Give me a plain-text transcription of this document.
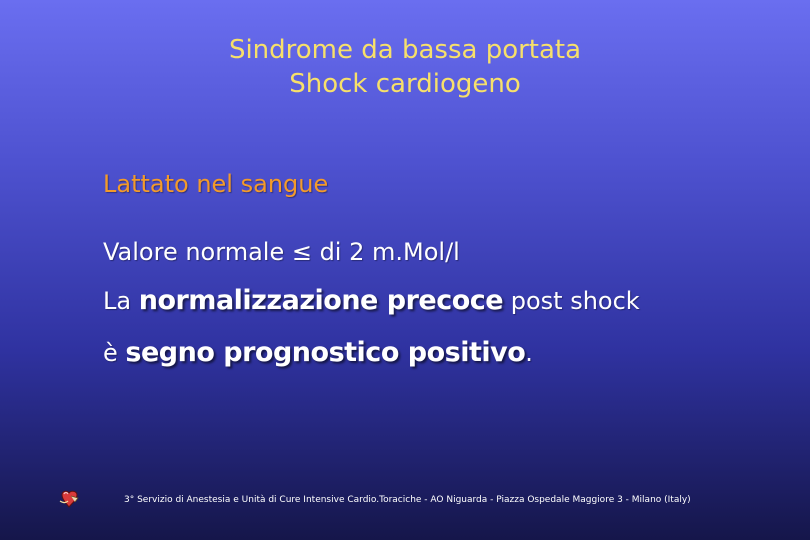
Sindrome da bassa portata
Shock cardiogeno
Lattato nel sangue
Valore normale ≤ di 2 m.Mol/l
La normalizzazione precoce post shock
è segno prognostico positivo.
3° Servizio di Anestesia e Unità di Cure Intensive Cardio.Toraciche - AO Niguarda - Piazza Ospedale Maggiore 3 - Milano (Italy)
